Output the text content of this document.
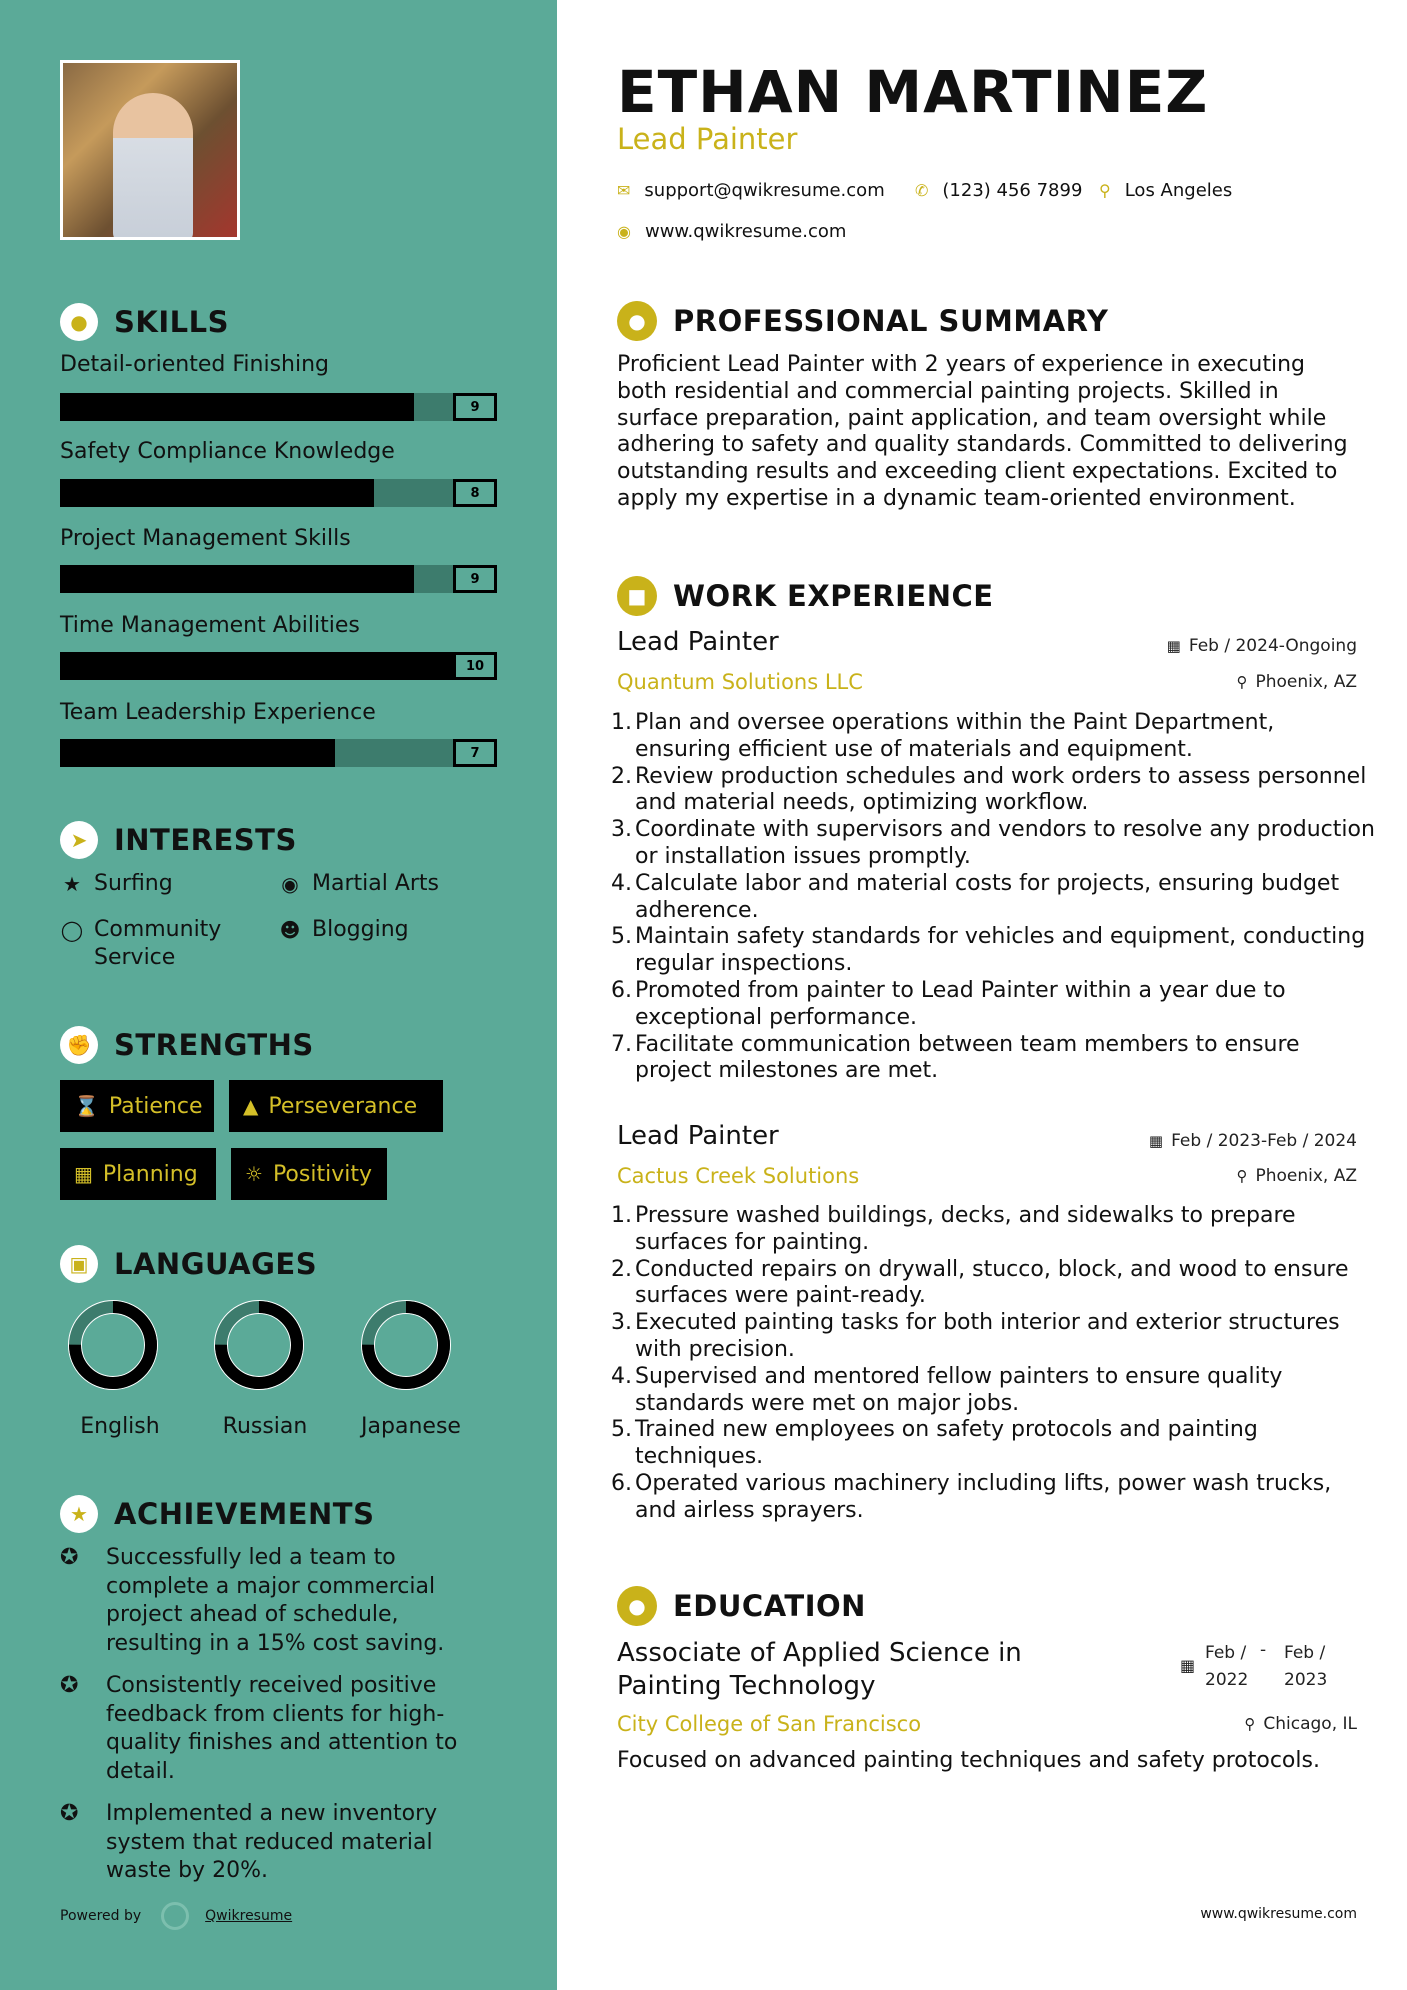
● SKILLS
Detail-oriented Finishing
9
Safety Compliance Knowledge
8
Project Management Skills
9
Time Management Abilities
10
Team Leadership Experience
7
➤ INTERESTS
★ Surfing	◉ Martial Arts
◯ Community
Service
☻ Blogging
✊ STRENGTHS
⌛ Patience ▲ Perseverance
▦ Planning ☼ Positivity
▣ LANGUAGES
English	Russian	Japanese
★ ACHIEVEMENTS
✪	Successfully led a team to complete a major commercial project ahead of schedule, resulting in a 15% cost saving.
✪	Consistently received positive feedback from clients for high-quality finishes and attention to detail.
✪	Implemented a new inventory system that reduced material waste by 20%.
Powered by	Qwikresume
ETHAN MARTINEZ
Lead Painter
✉ support@qwikresume.com ✆ (123) 456 7899 ⚲ Los Angeles
◉ www.qwikresume.com
● PROFESSIONAL SUMMARY
Proficient Lead Painter with 2 years of experience in executing both residential and commercial painting projects. Skilled in surface preparation, paint application, and team oversight while adhering to safety and quality standards. Committed to delivering outstanding results and exceeding client expectations. Excited to apply my expertise in a dynamic team-oriented environment.
■ WORK EXPERIENCE
Lead Painter
Quantum Solutions LLC
▦ Feb / 2024-Ongoing
⚲ Phoenix, AZ
1. Plan and oversee operations within the Paint Department, ensuring efficient use of materials and equipment.
2. Review production schedules and work orders to assess personnel and material needs, optimizing workflow.
3. Coordinate with supervisors and vendors to resolve any production or installation issues promptly.
4. Calculate labor and material costs for projects, ensuring budget adherence.
5. Maintain safety standards for vehicles and equipment, conducting regular inspections.
6. Promoted from painter to Lead Painter within a year due to exceptional performance.
7. Facilitate communication between team members to ensure project milestones are met.
Lead Painter
Cactus Creek Solutions
▦ Feb / 2023-Feb / 2024
⚲ Phoenix, AZ
1. Pressure washed buildings, decks, and sidewalks to prepare surfaces for painting.
2. Conducted repairs on drywall, stucco, block, and wood to ensure surfaces were paint-ready.
3. Executed painting tasks for both interior and exterior structures with precision.
4. Supervised and mentored fellow painters to ensure quality standards were met on major jobs.
5. Trained new employees on safety protocols and painting techniques.
6. Operated various machinery including lifts, power wash trucks, and airless sprayers.
● EDUCATION
Associate of Applied Science in Painting Technology
City College of San Francisco
▦
Feb /
2022
- Feb /
2023
⚲ Chicago, IL
Focused on advanced painting techniques and safety protocols.
www.qwikresume.com
